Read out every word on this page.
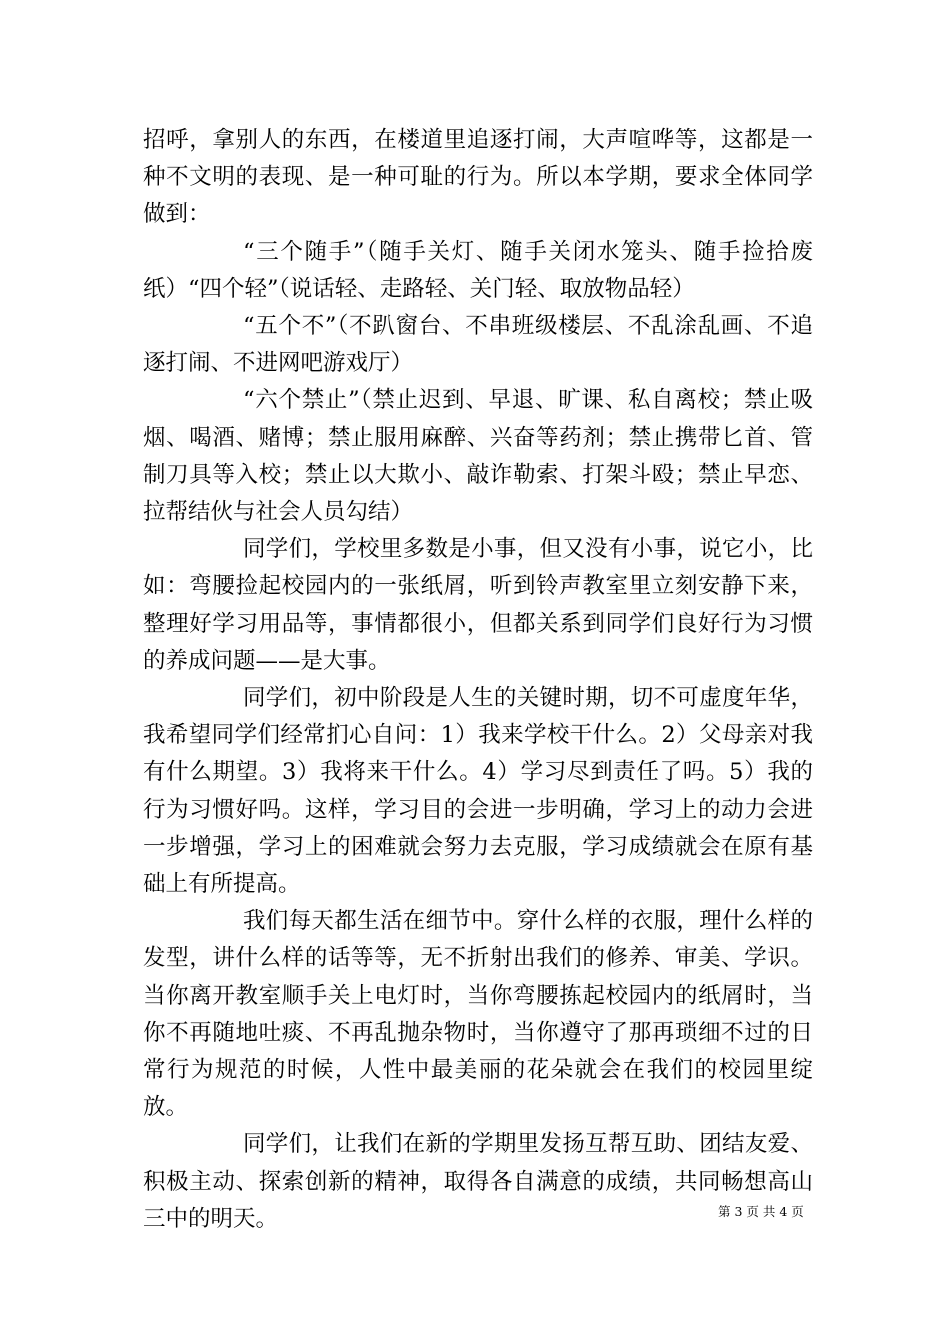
招呼，拿别人的东西，在楼道里追逐打闹，大声喧哗等，这都是一种不文明的表现、是一种可耻的行为。所以本学期，要求全体同学做到：

“三个随手”（随手关灯、随手关闭水笼头、随手捡拾废纸）“四个轻”（说话轻、走路轻、关门轻、取放物品轻）

“五个不”（不趴窗台、不串班级楼层、不乱涂乱画、不追逐打闹、不进网吧游戏厅）

“六个禁止”（禁止迟到、早退、旷课、私自离校；禁止吸烟、喝酒、赌博；禁止服用麻醉、兴奋等药剂；禁止携带匕首、管制刀具等入校；禁止以大欺小、敲诈勒索、打架斗殴；禁止早恋、拉帮结伙与社会人员勾结）

同学们，学校里多数是小事，但又没有小事，说它小，比如：弯腰捡起校园内的一张纸屑，听到铃声教室里立刻安静下来，整理好学习用品等，事情都很小，但都关系到同学们良好行为习惯的养成问题——是大事。

同学们，初中阶段是人生的关键时期，切不可虚度年华，我希望同学们经常扪心自问：1）我来学校干什么。2）父母亲对我有什么期望。3）我将来干什么。4）学习尽到责任了吗。5）我的行为习惯好吗。这样，学习目的会进一步明确，学习上的动力会进一步增强，学习上的困难就会努力去克服，学习成绩就会在原有基础上有所提高。

我们每天都生活在细节中。穿什么样的衣服，理什么样的发型，讲什么样的话等等，无不折射出我们的修养、审美、学识。当你离开教室顺手关上电灯时，当你弯腰拣起校园内的纸屑时，当你不再随地吐痰、不再乱抛杂物时，当你遵守了那再琐细不过的日常行为规范的时候，人性中最美丽的花朵就会在我们的校园里绽放。

同学们，让我们在新的学期里发扬互帮互助、团结友爱、积极主动、探索创新的精神，取得各自满意的成绩，共同畅想高山三中的明天。	第 3 页 共 4 页
